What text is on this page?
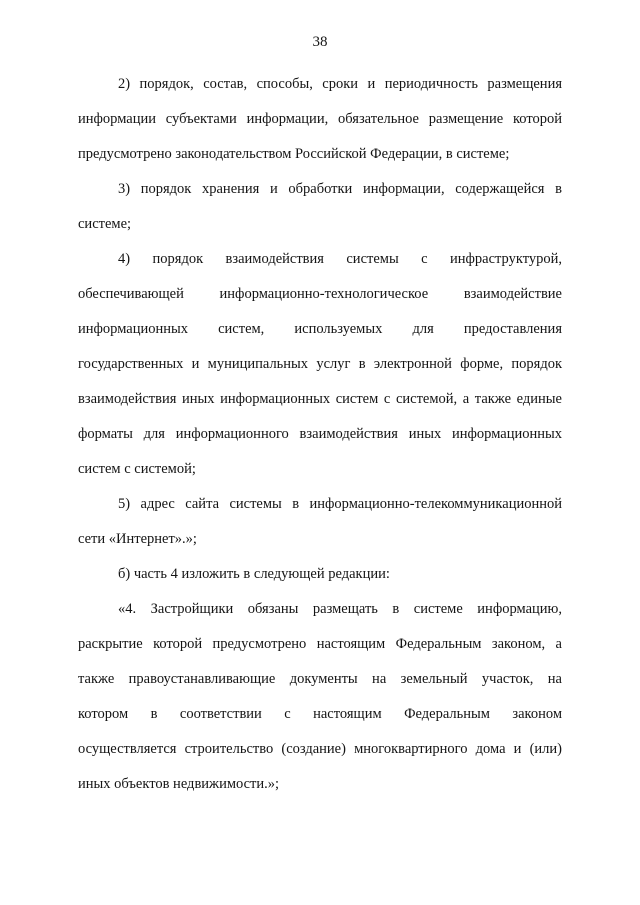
38
2) порядок, состав, способы, сроки и периодичность размещения
информации субъектами информации, обязательное размещение которой
предусмотрено законодательством Российской Федерации, в системе;
3) порядок хранения и обработки информации, содержащейся в
системе;
4) порядок взаимодействия системы с инфраструктурой,
обеспечивающей информационно-технологическое взаимодействие
информационных систем, используемых для предоставления
государственных и муниципальных услуг в электронной форме, порядок
взаимодействия иных информационных систем с системой, а также единые
форматы для информационного взаимодействия иных информационных
систем с системой;
5) адрес сайта системы в информационно-телекоммуникационной
сети «Интернет».»;
б) часть 4 изложить в следующей редакции:
«4. Застройщики обязаны размещать в системе информацию,
раскрытие которой предусмотрено настоящим Федеральным законом, а
также правоустанавливающие документы на земельный участок, на
котором в соответствии с настоящим Федеральным законом
осуществляется строительство (создание) многоквартирного дома и (или)
иных объектов недвижимости.»;
